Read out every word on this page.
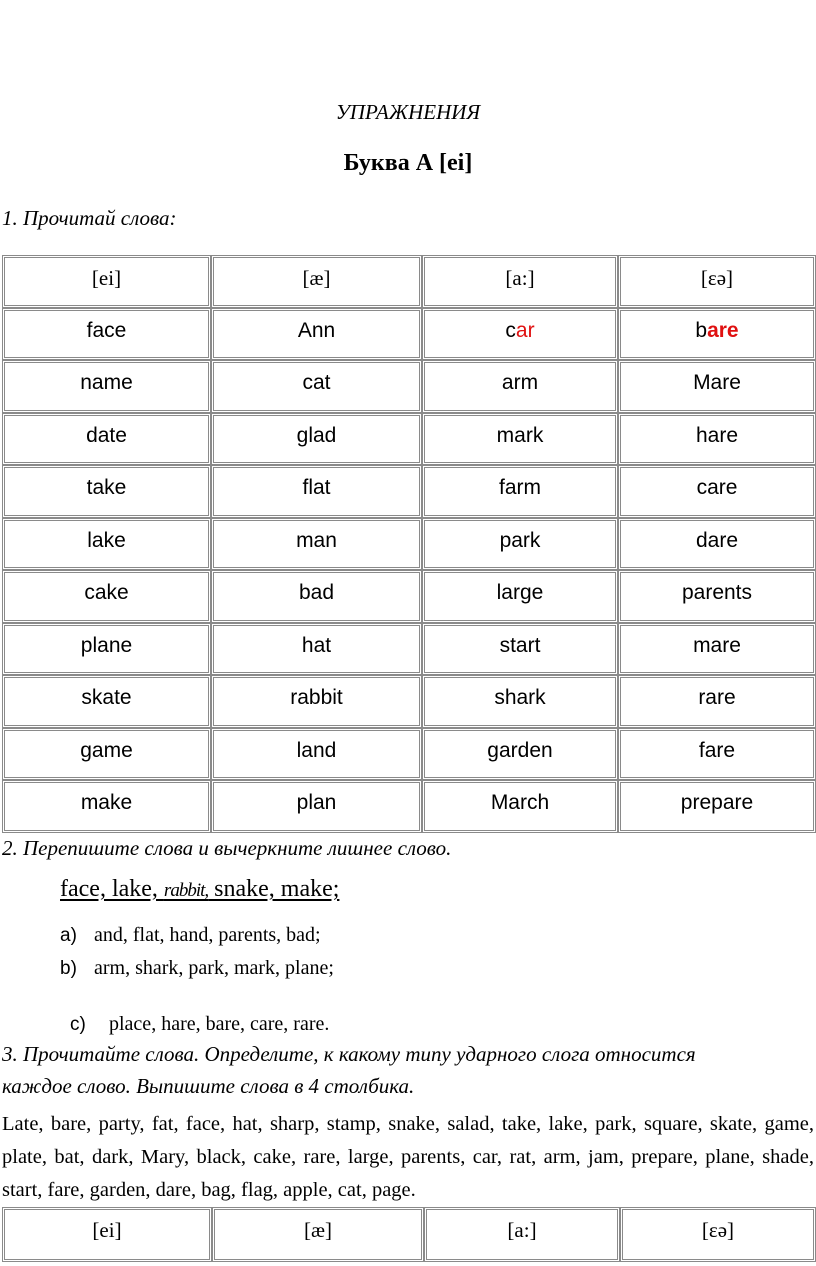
УПРАЖНЕНИЯ
Буква А [ei]
1. Прочитай слова:
[ei]	[æ]	[a:]	[εə]
face	Ann	car	bare
name	cat	arm	Mare
date	glad	mark	hare
take	flat	farm	care
lake	man	park	dare
cake	bad	large	parents
plane	hat	start	mare
skate	rabbit	shark	rare
game	land	garden	fare
make	plan	March	prepare
2. Перепишите слова и вычеркните лишнее слово.
face, lake, rabbit, snake, make;
a) and, flat, hand, parents, bad;
b) arm, shark, park, mark, plane;

c) place, hare, bare, care, rare.

3. Прочитайте слова. Определите, к какому типу ударного слога относится
каждое слово. Выпишите слова в 4 столбика.
Late, bare, party, fat, face, hat, sharp, stamp, snake, salad, take, lake, park, square, skate, game, plate, bat, dark, Mary, black, cake, rare, large, parents, car, rat, arm, jam, prepare, plane, shade, start, fare, garden, dare, bag, flag, apple, cat, page.
[ei]	[æ]	[a:]	[εə]
